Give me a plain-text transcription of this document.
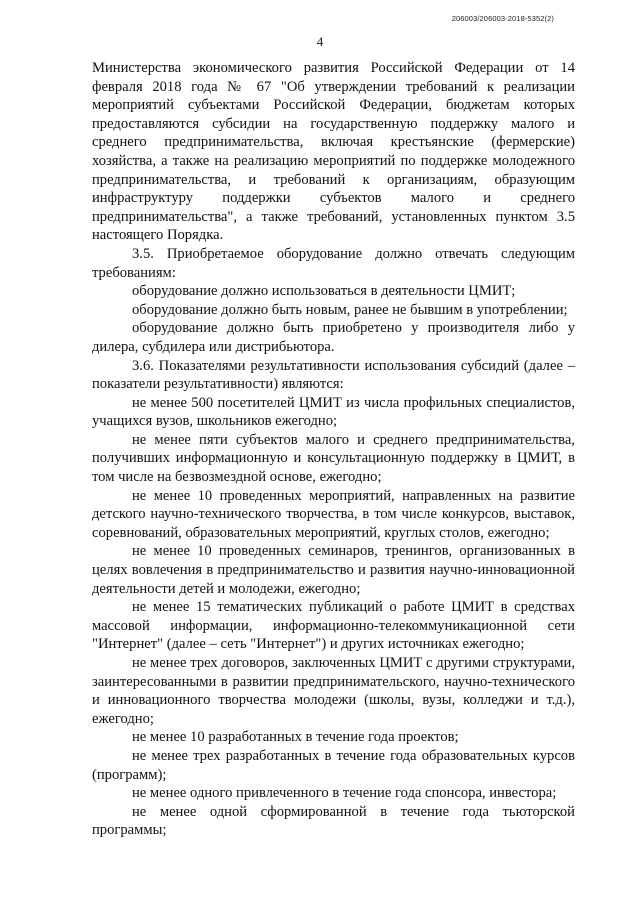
206003/206003-2018-5352(2)
4

Министерства экономического развития Российской Федерации от 14 февраля 2018 года № 67 "Об утверждении требований к реализации мероприятий субъектами Российской Федерации, бюджетам которых предоставляются субсидии на государственную поддержку малого и среднего предпринимательства, включая крестьянские (фермерские) хозяйства, а также на реализацию мероприятий по поддержке молодежного предпринимательства, и требований к организациям, образующим инфраструктуру поддержки субъектов малого и среднего предпринимательства", а также требований, установленных пунктом 3.5 настоящего Порядка.

3.5. Приобретаемое оборудование должно отвечать следующим требованиям:

оборудование должно использоваться в деятельности ЦМИТ;

оборудование должно быть новым, ранее не бывшим в употреблении;

оборудование должно быть приобретено у производителя либо у дилера, субдилера или дистрибьютора.

3.6. Показателями результативности использования субсидий (далее – показатели результативности) являются:

не менее 500 посетителей ЦМИТ из числа профильных специалистов, учащихся вузов, школьников ежегодно;

не менее пяти субъектов малого и среднего предпринимательства, получивших информационную и консультационную поддержку в ЦМИТ, в том числе на безвозмездной основе, ежегодно;

не менее 10 проведенных мероприятий, направленных на развитие детского научно-технического творчества, в том числе конкурсов, выставок, соревнований, образовательных мероприятий, круглых столов, ежегодно;

не менее 10 проведенных семинаров, тренингов, организованных в целях вовлечения в предпринимательство и развития научно-инновационной деятельности детей и молодежи, ежегодно;

не менее 15 тематических публикаций о работе ЦМИТ в средствах массовой информации, информационно-телекоммуникационной сети "Интернет" (далее – сеть "Интернет") и других источниках ежегодно;

не менее трех договоров, заключенных ЦМИТ с другими структурами, заинтересованными в развитии предпринимательского, научно-технического и инновационного творчества молодежи (школы, вузы, колледжи и т.д.), ежегодно;

не менее 10 разработанных в течение года проектов;

не менее трех разработанных в течение года образовательных курсов (программ);

не менее одного привлеченного в течение года спонсора, инвестора;

не менее одной сформированной в течение года тьюторской программы;
